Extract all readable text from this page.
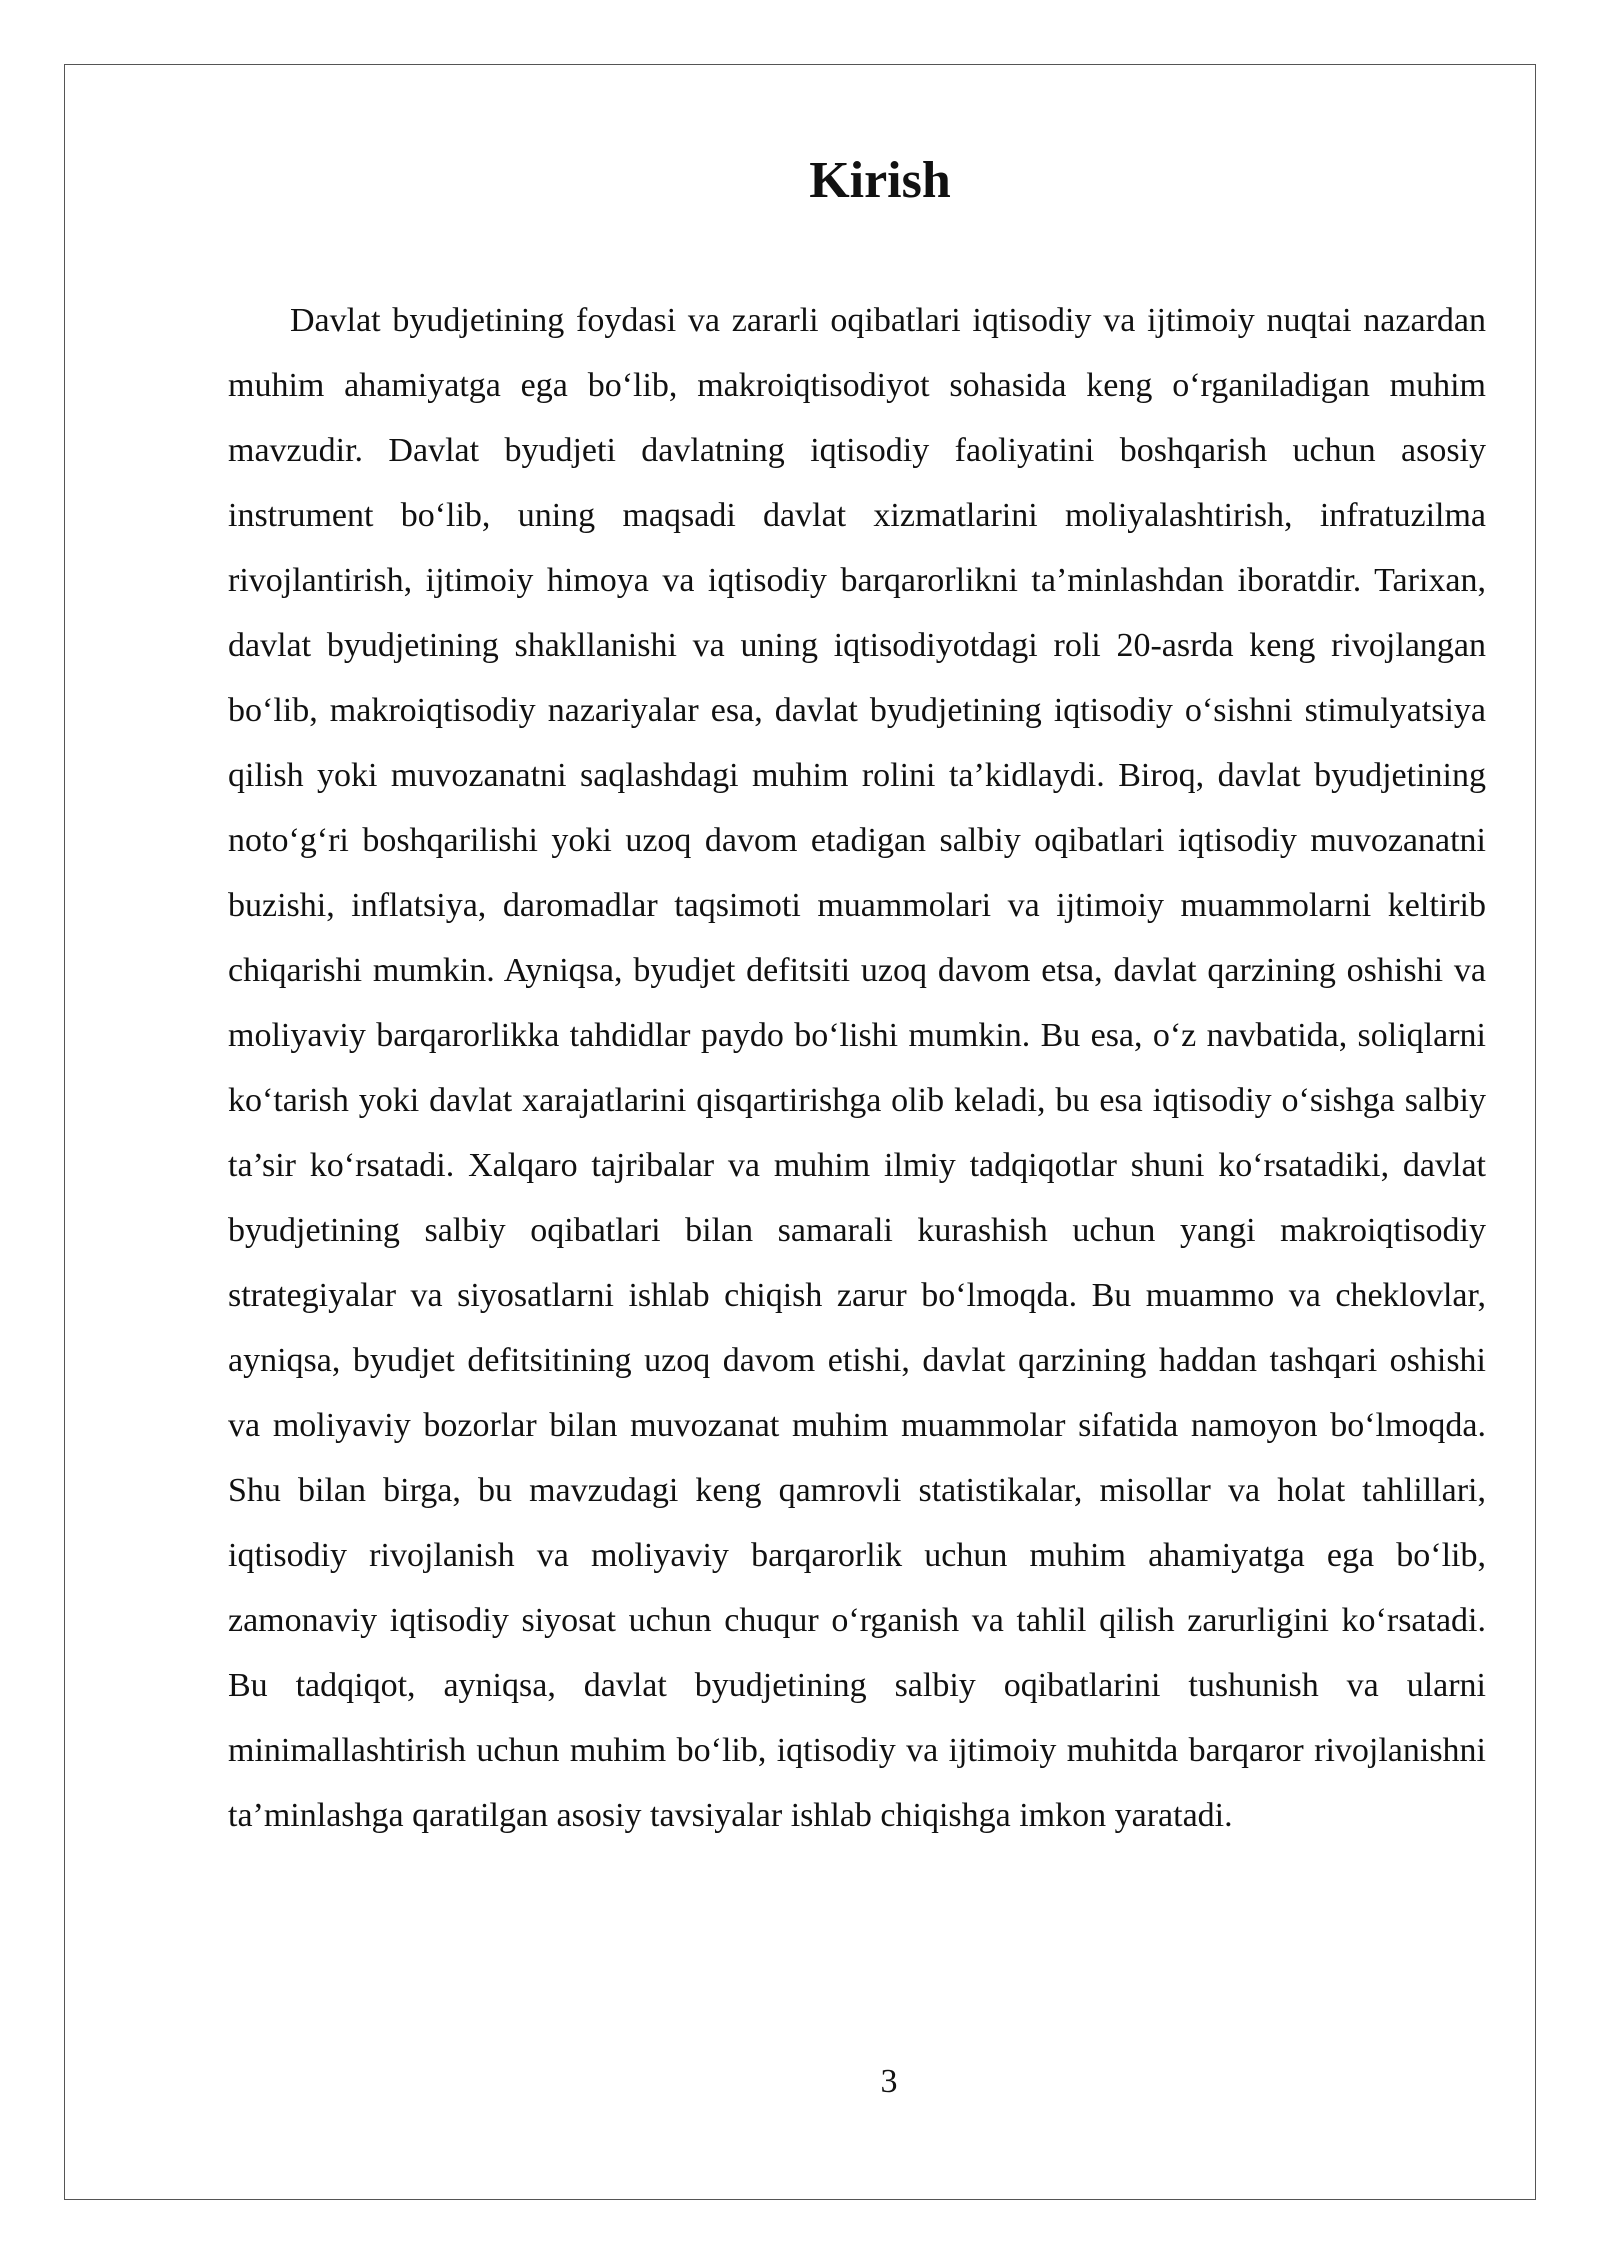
Kirish

Davlat byudjetining foydasi va zararli oqibatlari iqtisodiy va ijtimoiy nuqtai nazardan muhim ahamiyatga ega bo‘lib, makroiqtisodiyot sohasida keng o‘rganiladigan muhim mavzudir. Davlat byudjeti davlatning iqtisodiy faoliyatini boshqarish uchun asosiy instrument bo‘lib, uning maqsadi davlat xizmatlarini moliyalashtirish, infratuzilma rivojlantirish, ijtimoiy himoya va iqtisodiy barqarorlikni ta’minlashdan iboratdir. Tarixan, davlat byudjetining shakllanishi va uning iqtisodiyotdagi roli 20-asrda keng rivojlangan bo‘lib, makroiqtisodiy nazariyalar esa, davlat byudjetining iqtisodiy o‘sishni stimulyatsiya qilish yoki muvozanatni saqlashdagi muhim rolini ta’kidlaydi. Biroq, davlat byudjetining noto‘g‘ri boshqarilishi yoki uzoq davom etadigan salbiy oqibatlari iqtisodiy muvozanatni buzishi, inflatsiya, daromadlar taqsimoti muammolari va ijtimoiy muammolarni keltirib chiqarishi mumkin. Ayniqsa, byudjet defitsiti uzoq davom etsa, davlat qarzining oshishi va moliyaviy barqarorlikka tahdidlar paydo bo‘lishi mumkin. Bu esa, o‘z navbatida, soliqlarni ko‘tarish yoki davlat xarajatlarini qisqartirishga olib keladi, bu esa iqtisodiy o‘sishga salbiy ta’sir ko‘rsatadi. Xalqaro tajribalar va muhim ilmiy tadqiqotlar shuni ko‘rsatadiki, davlat byudjetining salbiy oqibatlari bilan samarali kurashish uchun yangi makroiqtisodiy strategiyalar va siyosatlarni ishlab chiqish zarur bo‘lmoqda. Bu muammo va cheklovlar, ayniqsa, byudjet defitsitining uzoq davom etishi, davlat qarzining haddan tashqari oshishi va moliyaviy bozorlar bilan muvozanat muhim muammolar sifatida namoyon bo‘lmoqda. Shu bilan birga, bu mavzudagi keng qamrovli statistikalar, misollar va holat tahlillari, iqtisodiy rivojlanish va moliyaviy barqarorlik uchun muhim ahamiyatga ega bo‘lib, zamonaviy iqtisodiy siyosat uchun chuqur o‘rganish va tahlil qilish zarurligini ko‘rsatadi. Bu tadqiqot, ayniqsa, davlat byudjetining salbiy oqibatlarini tushunish va ularni minimallashtirish uchun muhim bo‘lib, iqtisodiy va ijtimoiy muhitda barqaror rivojlanishni ta’minlashga qaratilgan asosiy tavsiyalar ishlab chiqishga imkon yaratadi.

3
